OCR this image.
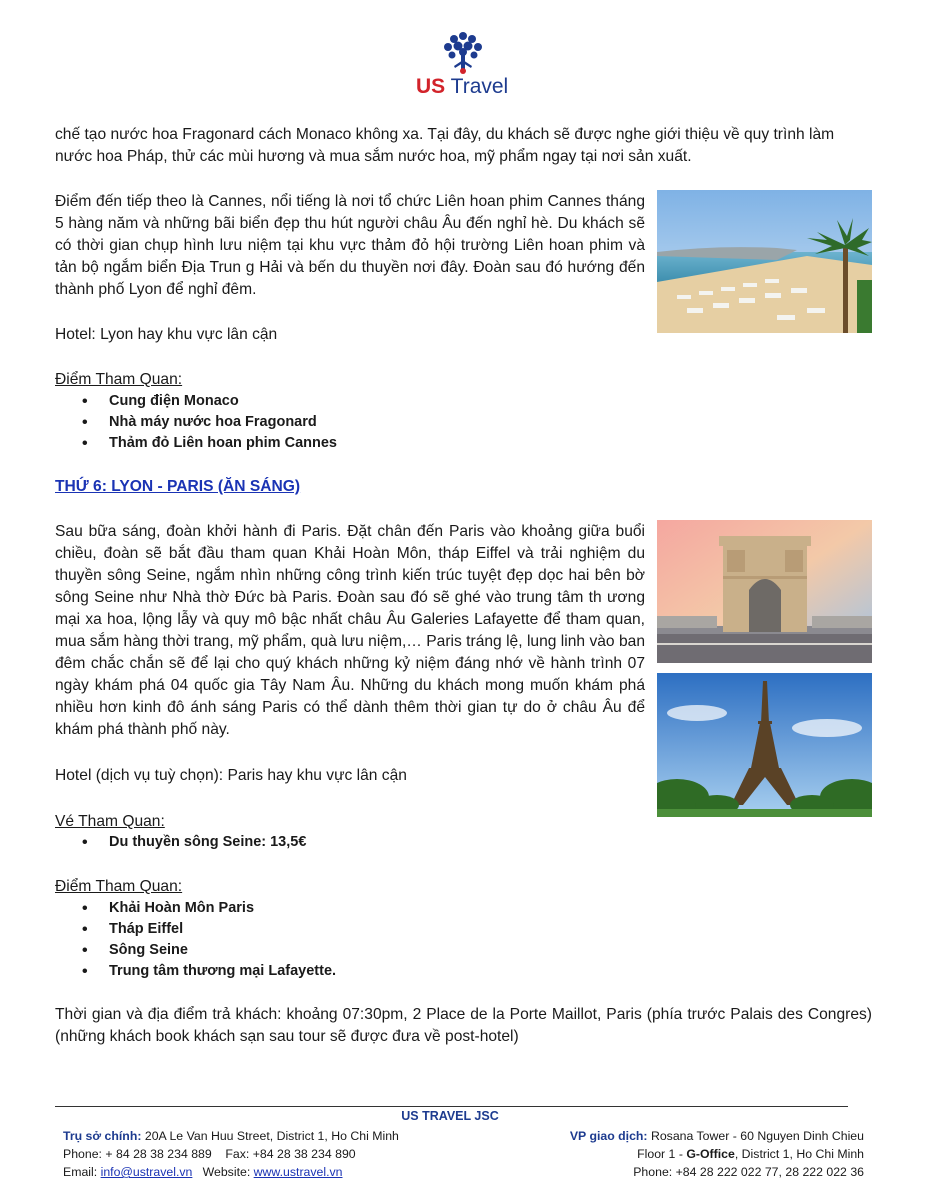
US Travel

chế tạo nước hoa Fragonard cách Monaco không xa. Tại đây, du khách sẽ được nghe giới thiệu về quy trình làm nước hoa Pháp, thử các mùi hương và mua sắm nước hoa, mỹ phẩm ngay tại nơi sản xuất.

Điểm đến tiếp theo là Cannes, nổi tiếng là nơi tổ chức Liên hoan phim Cannes tháng 5 hàng năm và những bãi biển đẹp thu hút người châu Âu đến nghỉ hè. Du khách sẽ có thời gian chụp hình lưu niệm tại khu vực thảm đỏ hội trường Liên hoan phim và tản bộ ngắm biển Địa Trun g Hải và bến du thuyền nơi đây. Đoàn sau đó hướng đến thành phố Lyon để nghỉ đêm.

Hotel: Lyon hay khu vực lân cận

Điểm Tham Quan:

• Cung điện Monaco
• Nhà máy nước hoa Fragonard
• Thảm đỏ Liên hoan phim Cannes
THỨ 6: LYON - PARIS (ĂN SÁNG)

Sau bữa sáng, đoàn khởi hành đi Paris. Đặt chân đến Paris vào khoảng giữa buổi chiều, đoàn sẽ bắt đầu tham quan Khải Hoàn Môn, tháp Eiffel và trải nghiệm du thuyền sông Seine, ngắm nhìn những công trình kiến trúc tuyệt đẹp dọc hai bên bờ sông Seine như Nhà thờ Đức bà Paris. Đoàn sau đó sẽ ghé vào trung tâm th ương mại xa hoa, lộng lẫy và quy mô bậc nhất châu Âu Galeries Lafayette để tham quan, mua sắm hàng thời trang, mỹ phẩm, quà lưu niệm,… Paris tráng lệ, lung linh vào ban đêm chắc chắn sẽ để lại cho quý khách những kỷ niệm đáng nhớ về hành trình 07 ngày khám phá 04 quốc gia Tây Nam Âu. Những du khách mong muốn khám phá nhiều hơn kinh đô ánh sáng Paris có thể dành thêm thời gian tự do ở châu Âu để khám phá thành phố này.

Hotel (dịch vụ tuỳ chọn): Paris hay khu vực lân cận

Vé Tham Quan:

• Du thuyền sông Seine: 13,5€

Điểm Tham Quan:

• Khải Hoàn Môn Paris
• Tháp Eiffel
• Sông Seine
• Trung tâm thương mại Lafayette.

Thời gian và địa điểm trả khách: khoảng 07:30pm, 2 Place de la Porte Maillot, Paris (phía trước Palais des Congres) (những khách book khách sạn sau tour sẽ được đưa về post-hotel)

US TRAVEL JSC
Trụ sở chính: 20A Le Van Huu Street, District 1, Ho Chi Minh
Phone: + 84 28 38 234 889    Fax: +84 28 38 234 890
Email: info@ustravel.vn   Website: www.ustravel.vn
VP giao dịch: Rosana Tower - 60 Nguyen Dinh Chieu
Floor 1 - G-Office, District 1, Ho Chi Minh
Phone: +84 28 222 022 77, 28 222 022 36
